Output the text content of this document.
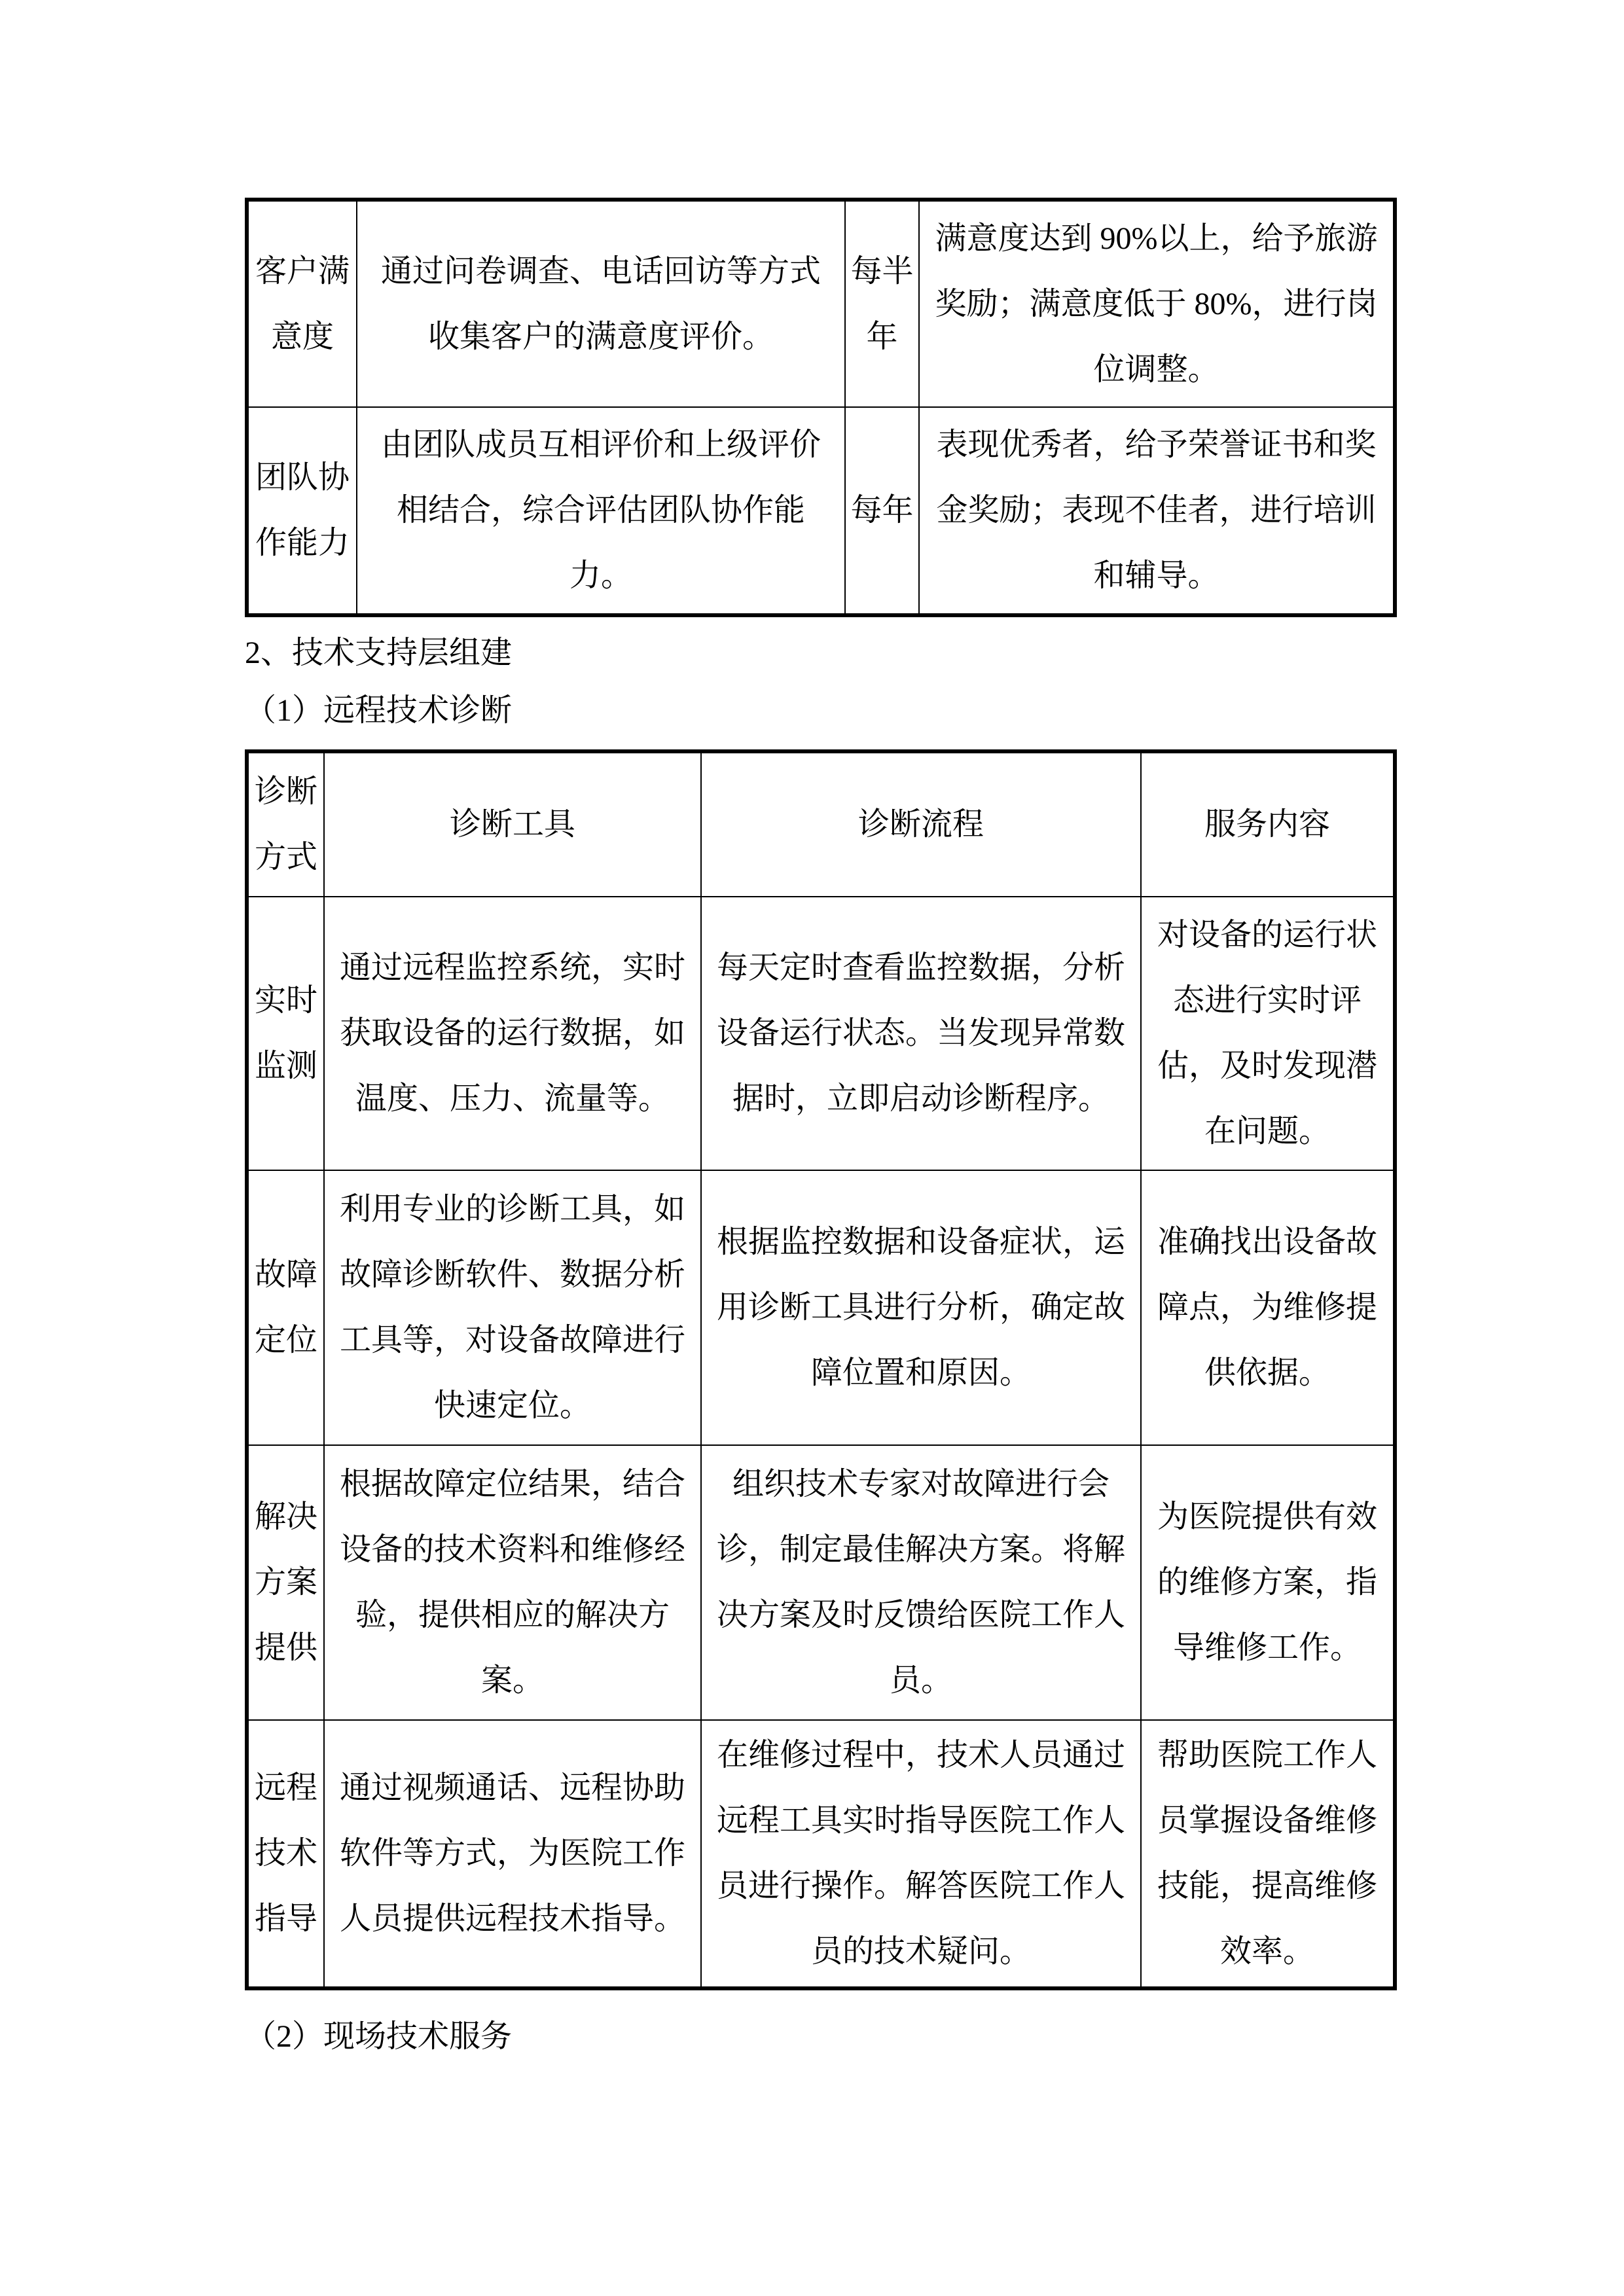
客户满意度	通过问卷调查、电话回访等方式收集客户的满意度评价。	每半年	满意度达到 90%以上，给予旅游奖励；满意度低于 80%，进行岗位调整。
团队协作能力	由团队成员互相评价和上级评价相结合，综合评估团队协作能力。	每年	表现优秀者，给予荣誉证书和奖金奖励；表现不佳者，进行培训和辅导。
2、技术支持层组建
（1）远程技术诊断
诊断方式	诊断工具	诊断流程	服务内容
实时监测	通过远程监控系统，实时获取设备的运行数据，如温度、压力、流量等。	每天定时查看监控数据，分析设备运行状态。当发现异常数据时，立即启动诊断程序。	对设备的运行状态进行实时评估，及时发现潜在问题。
故障定位	利用专业的诊断工具，如故障诊断软件、数据分析工具等，对设备故障进行快速定位。	根据监控数据和设备症状，运用诊断工具进行分析，确定故障位置和原因。	准确找出设备故障点，为维修提供依据。
解决方案提供	根据故障定位结果，结合设备的技术资料和维修经验，提供相应的解决方案。	组织技术专家对故障进行会诊，制定最佳解决方案。将解决方案及时反馈给医院工作人员。	为医院提供有效的维修方案，指导维修工作。
远程技术指导	通过视频通话、远程协助软件等方式，为医院工作人员提供远程技术指导。	在维修过程中，技术人员通过远程工具实时指导医院工作人员进行操作。解答医院工作人员的技术疑问。	帮助医院工作人员掌握设备维修技能，提高维修效率。
（2）现场技术服务
